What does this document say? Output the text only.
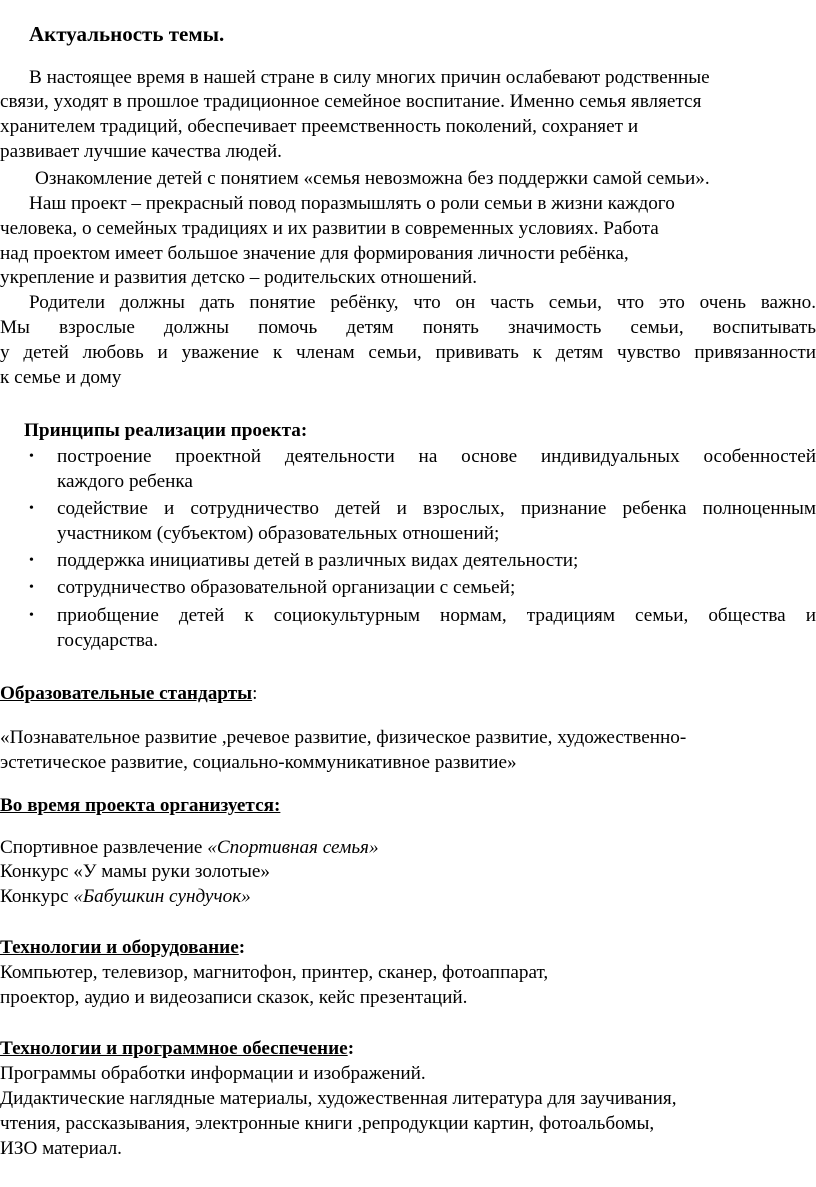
Актуальность темы.
В настоящее время в нашей стране в силу многих причин ослабевают родственные
связи, уходят в прошлое традиционное семейное воспитание. Именно семья является
хранителем традиций, обеспечивает преемственность поколений, сохраняет и
развивает лучшие качества людей.
Ознакомление детей с понятием «семья невозможна без поддержки самой семьи».
Наш проект – прекрасный повод поразмышлять о роли семьи в жизни каждого
человека, о семейных традициях и их развитии в современных условиях. Работа
над проектом имеет большое значение для формирования личности ребёнка,
укрепление и развития детско – родительских отношений.
Родители должны дать понятие ребёнку, что он часть семьи, что это очень важно.
Мы взрослые должны помочь детям понять значимость семьи, воспитывать
у детей любовь и уважение к членам семьи, прививать к детям чувство привязанности
к семье и дому
Принципы реализации проекта:
• построение проектной деятельности на основе индивидуальных особенностей
каждого ребенка
• содействие и сотрудничество детей и взрослых, признание ребенка полноценным
участником (субъектом) образовательных отношений;
• поддержка инициативы детей в различных видах деятельности;
• сотрудничество образовательной организации с семьей;
• приобщение детей к социокультурным нормам, традициям семьи, общества и
государства.
Образовательные стандарты:
«Познавательное развитие ,речевое развитие, физическое развитие, художественно-
эстетическое развитие, социально-коммуникативное развитие»
Во время проекта организуется:
Спортивное развлечение «Спортивная семья»
Конкурс «У мамы руки золотые»
Конкурс «Бабушкин сундучок»
Технологии и оборудование:
Компьютер, телевизор, магнитофон, принтер, сканер, фотоаппарат,
проектор, аудио и видеозаписи сказок, кейс презентаций.
Технологии и программное обеспечение:
Программы обработки информации и изображений.
Дидактические наглядные материалы, художественная литература для заучивания,
чтения, рассказывания, электронные книги ,репродукции картин, фотоальбомы,
ИЗО материал.
